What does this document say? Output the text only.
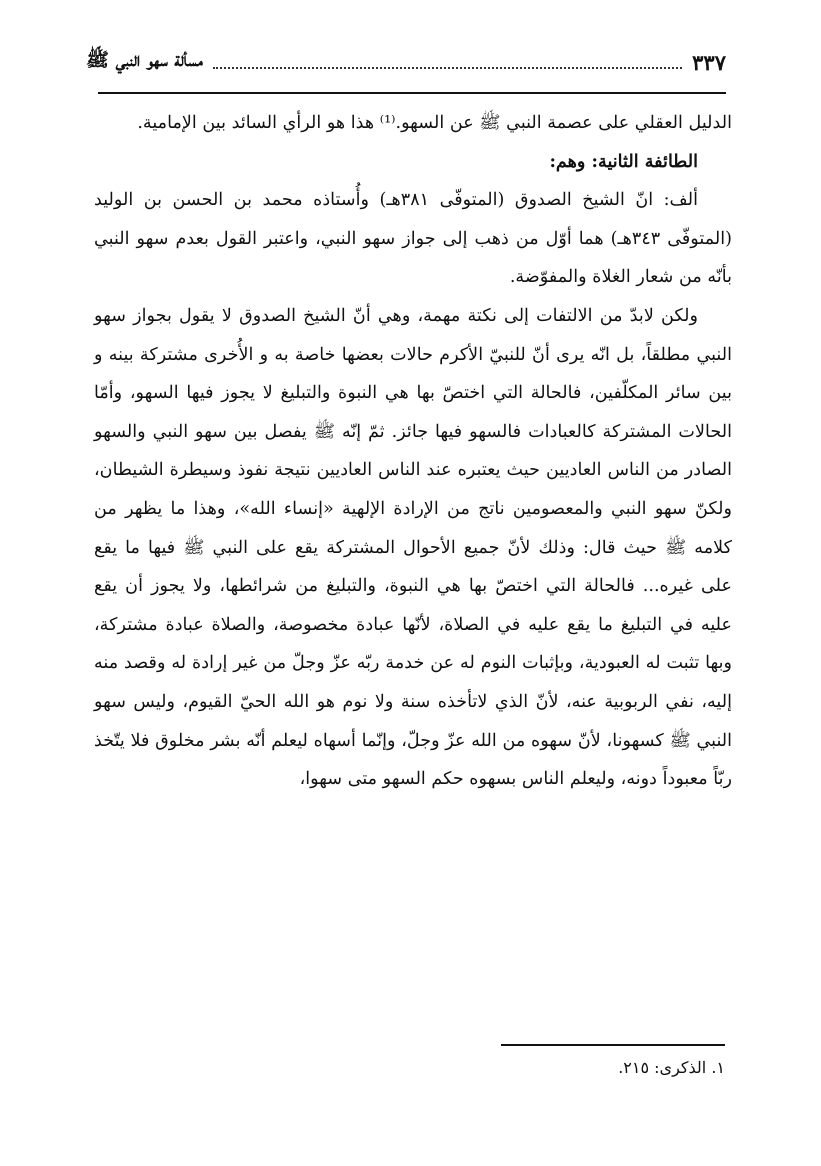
مسألة سهو النبي ﷺ	٣٣٧

الدليل العقلي على عصمة النبي ﷺ عن السهو.⁽¹⁾ هذا هو الرأي السائد بين الإمامية.

الطائفة الثانية: وهم:

ألف: انّ الشيخ الصدوق (المتوفّى ٣٨١هـ) وأُستاذه محمد بن الحسن بن الوليد (المتوفّى ٣٤٣هـ) هما أوّل من ذهب إلى جواز سهو النبي، واعتبر القول بعدم سهو النبي بأنّه من شعار الغلاة والمفوّضة.

ولكن لابدّ من الالتفات إلى نكتة مهمة، وهي أنّ الشيخ الصدوق لا يقول بجواز سهو النبي مطلقاً، بل انّه يرى أنّ للنبيّ الأكرم حالات بعضها خاصة به و الأُخرى مشتركة بينه و بين سائر المكلّفين، فالحالة التي اختصّ بها هي النبوة والتبليغ لا يجوز فيها السهو، وأمّا الحالات المشتركة كالعبادات فالسهو فيها جائز. ثمّ إنّه ﷺ يفصل بين سهو النبي والسهو الصادر من الناس العاديين حيث يعتبره عند الناس العاديين نتيجة نفوذ وسيطرة الشيطان، ولكنّ سهو النبي والمعصومين ناتج من الإرادة الإلهية «إنساء الله»، وهذا ما يظهر من كلامه ﷺ حيث قال: وذلك لأنّ جميع الأحوال المشتركة يقع على النبي ﷺ فيها ما يقع على غيره... فالحالة التي اختصّ بها هي النبوة، والتبليغ من شرائطها، ولا يجوز أن يقع عليه في التبليغ ما يقع عليه في الصلاة، لأنّها عبادة مخصوصة، والصلاة عبادة مشتركة، وبها تثبت له العبودية، وبإثبات النوم له عن خدمة ربّه عزّ وجلّ من غير إرادة له وقصد منه إليه، نفي الربوبية عنه، لأنّ الذي لاتأخذه سنة ولا نوم هو الله الحيّ القيوم، وليس سهو النبي ﷺ كسهونا، لأنّ سهوه من الله عزّ وجلّ، وإنّما أسهاه ليعلم أنّه بشر مخلوق فلا يتّخذ ربّاً معبوداً دونه، وليعلم الناس بسهوه حكم السهو متى سهوا،

١. الذكرى: ٢١٥.
